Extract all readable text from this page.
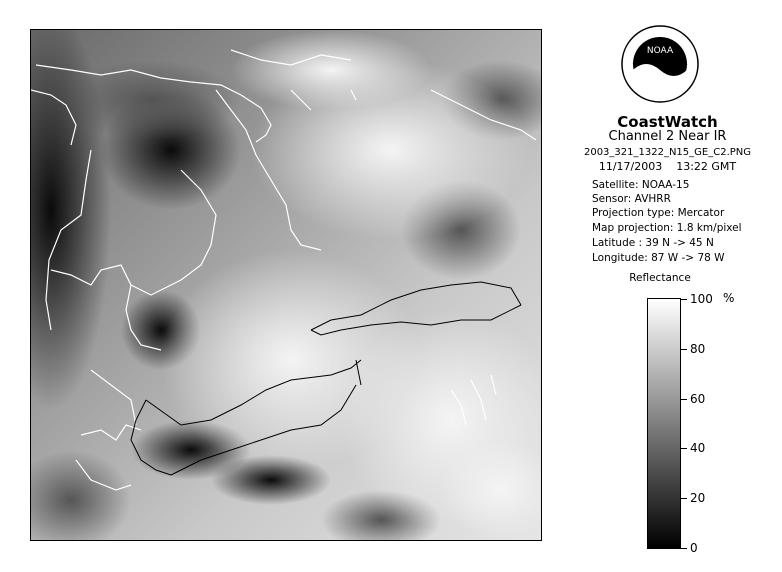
NOAA
CoastWatch
Channel 2 Near IR
2003_321_1322_N15_GE_C2.PNG
11/17/2003    13:22 GMT
Satellite: NOAA-15
Sensor: AVHRR
Projection type: Mercator
Map projection: 1.8 km/pixel
Latitude : 39 N -> 45 N
Longitude: 87 W -> 78 W
Reflectance
%
100
80
60
40
20
0
